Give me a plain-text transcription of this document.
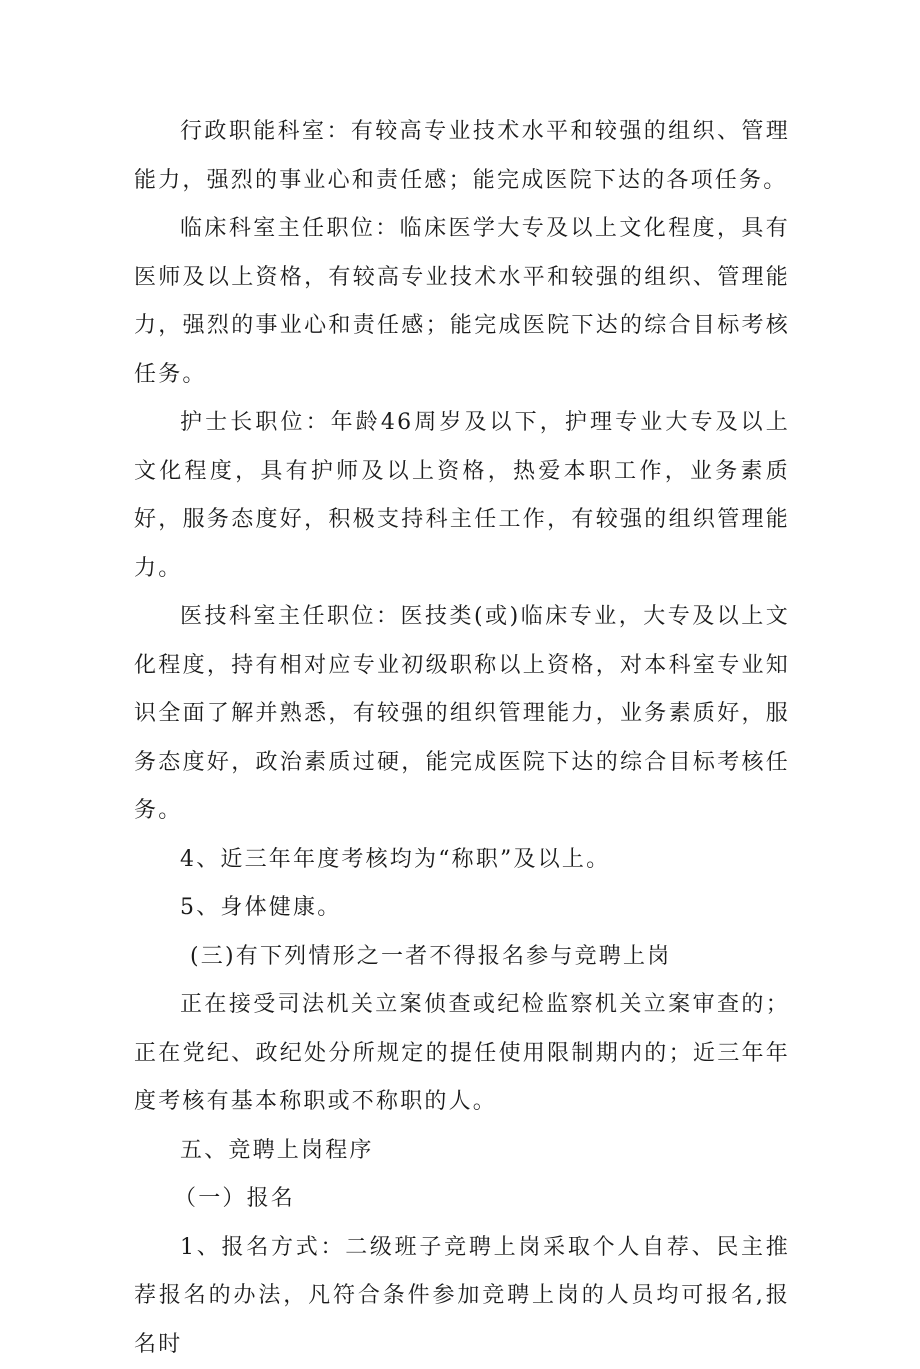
行政职能科室：有较高专业技术水平和较强的组织、管理能力，强烈的事业心和责任感；能完成医院下达的各项任务。

临床科室主任职位：临床医学大专及以上文化程度，具有医师及以上资格，有较高专业技术水平和较强的组织、管理能力，强烈的事业心和责任感；能完成医院下达的综合目标考核任务。

护士长职位：年龄46周岁及以下，护理专业大专及以上文化程度，具有护师及以上资格，热爱本职工作，业务素质好，服务态度好，积极支持科主任工作，有较强的组织管理能力。

医技科室主任职位：医技类(或)临床专业，大专及以上文化程度，持有相对应专业初级职称以上资格，对本科室专业知识全面了解并熟悉，有较强的组织管理能力，业务素质好，服务态度好，政治素质过硬，能完成医院下达的综合目标考核任务。

4、近三年年度考核均为“称职”及以上。

5、身体健康。

(三)有下列情形之一者不得报名参与竞聘上岗

正在接受司法机关立案侦查或纪检监察机关立案审查的；正在党纪、政纪处分所规定的提任使用限制期内的；近三年年度考核有基本称职或不称职的人。

五、竞聘上岗程序

（一）报名

1、报名方式：二级班子竞聘上岗采取个人自荐、民主推荐报名的办法，凡符合条件参加竞聘上岗的人员均可报名,报名时
